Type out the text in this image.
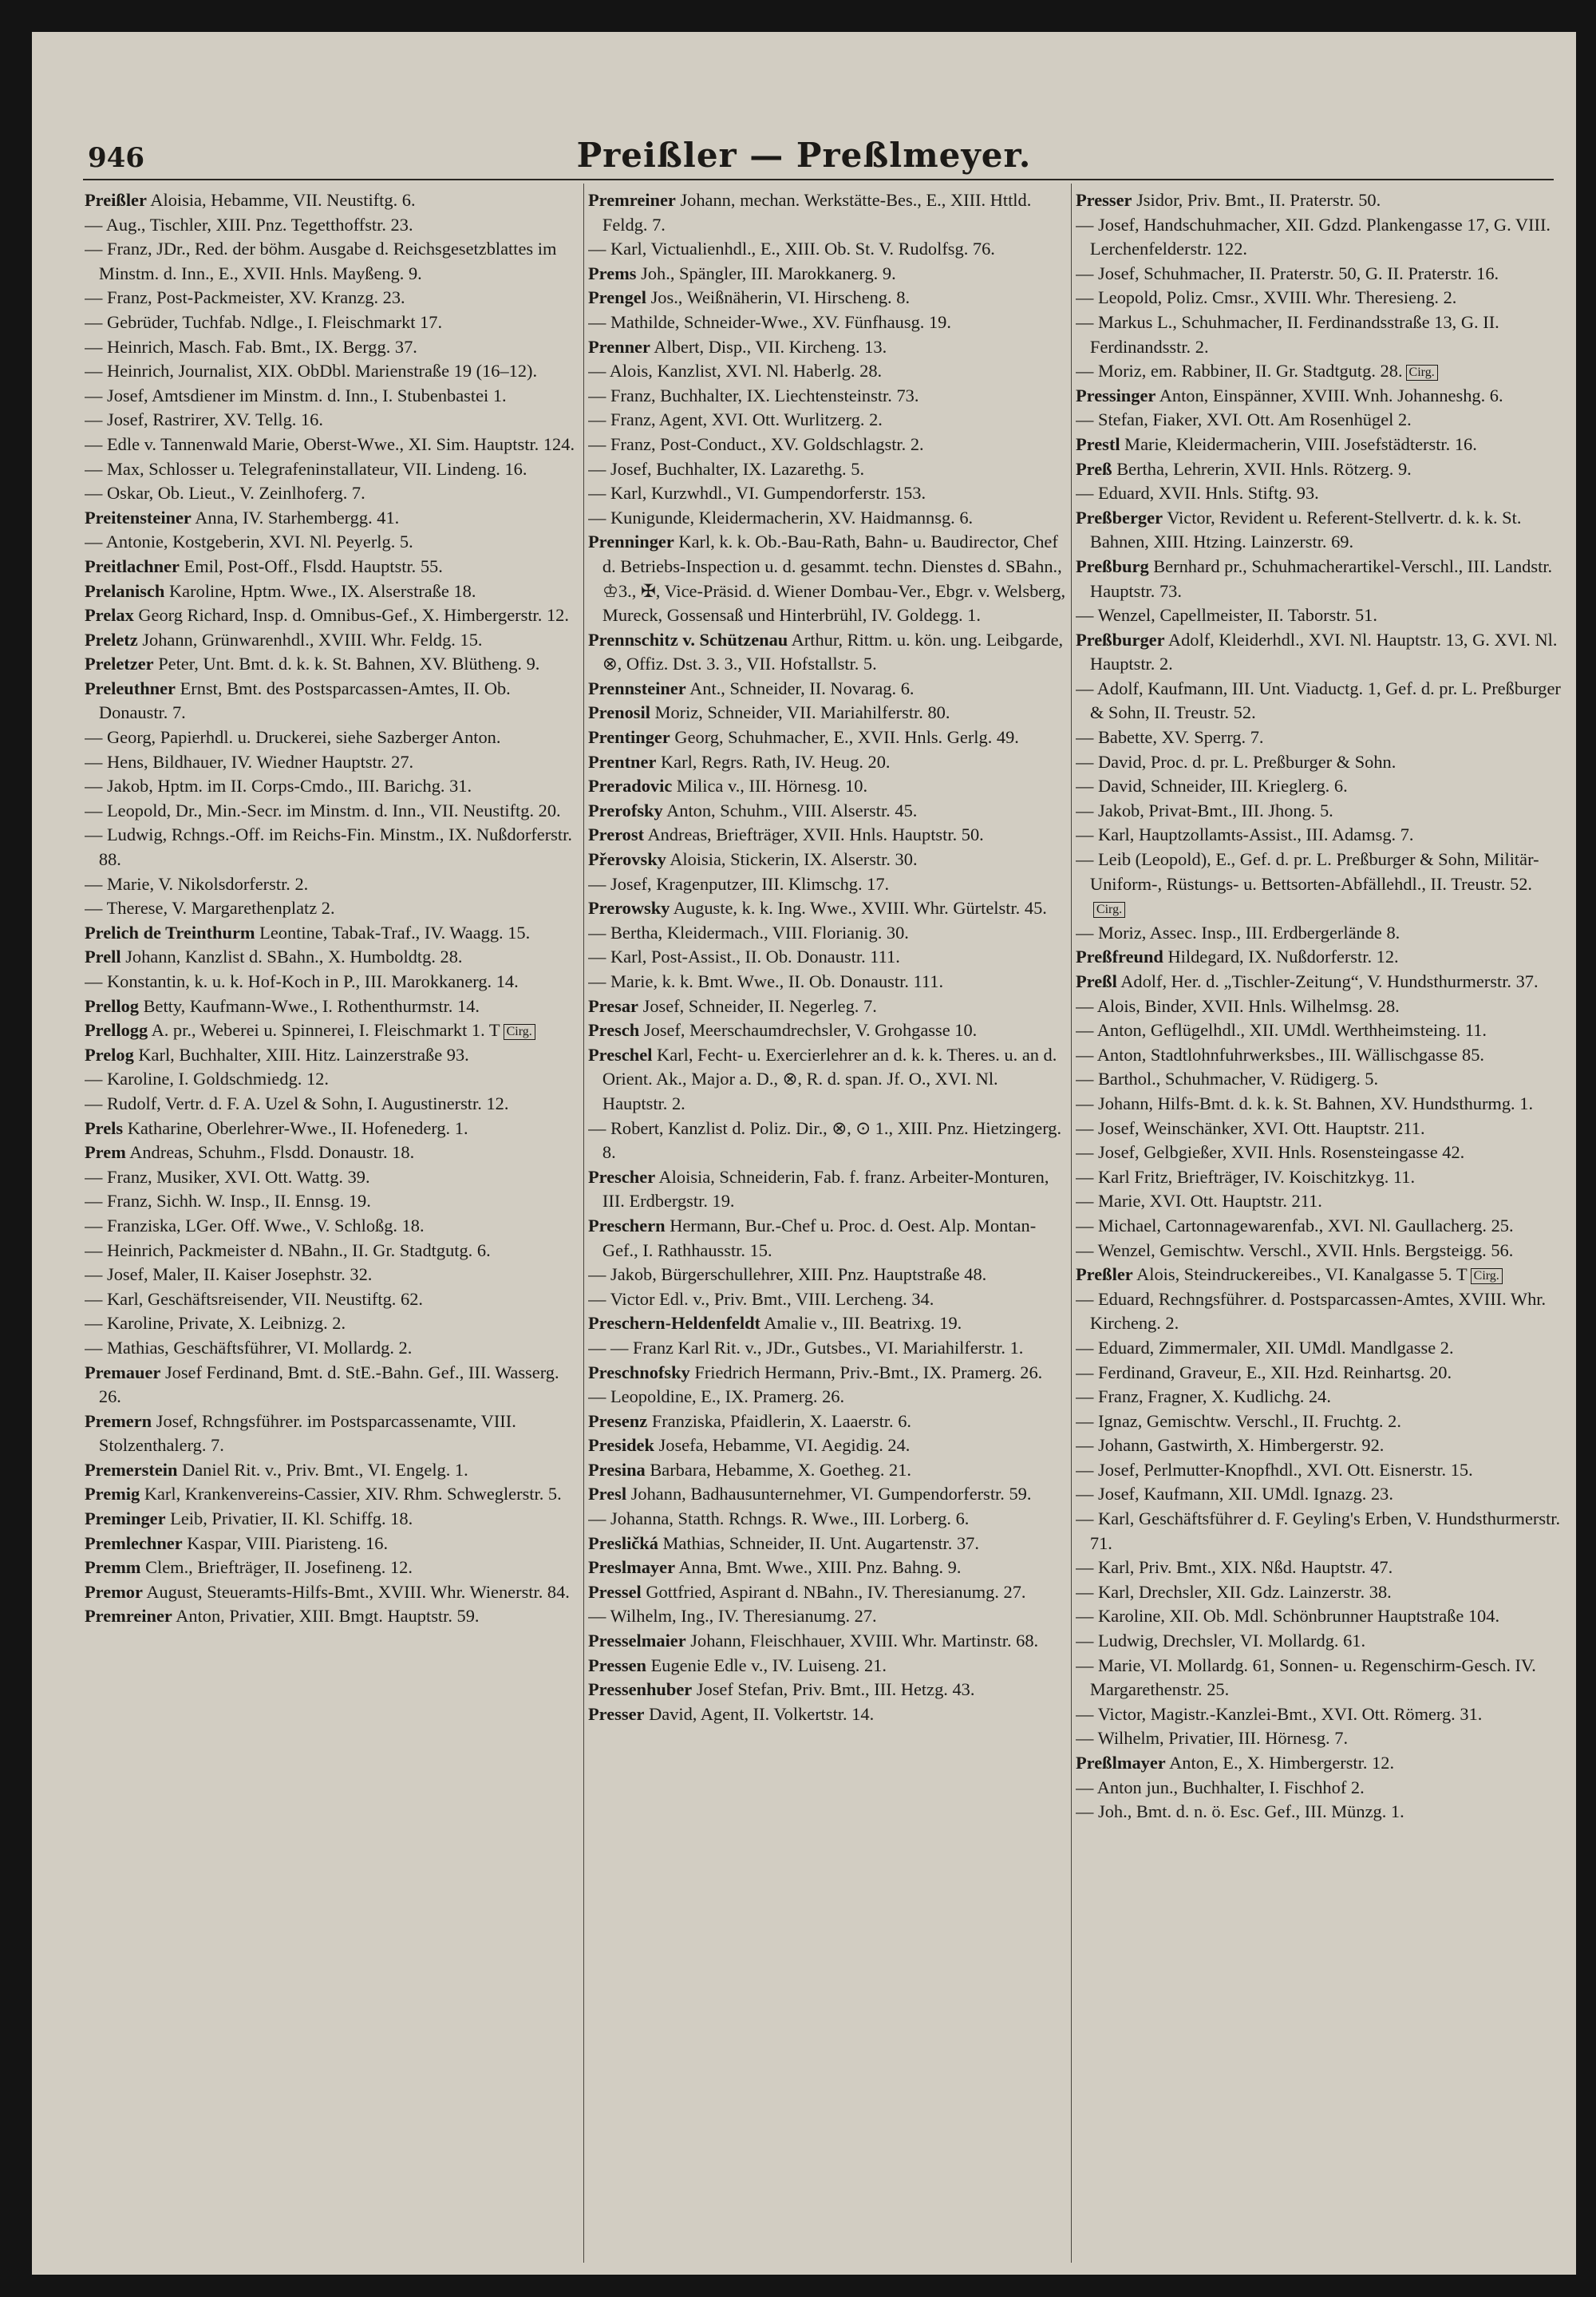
946	Preißler — Preßlmeyer.
Preißler Aloisia, Hebamme, VII. Neustiftg. 6.
— Aug., Tischler, XIII. Pnz. Tegetthoffstr. 23.
— Franz, JDr., Red. der böhm. Ausgabe d. Reichsgesetzblattes im Minstm. d. Inn., E., XVII. Hnls. Mayßeng. 9.
— Franz, Post-Packmeister, XV. Kranzg. 23.
— Gebrüder, Tuchfab. Ndlge., I. Fleischmarkt 17.
— Heinrich, Masch. Fab. Bmt., IX. Bergg. 37.
— Heinrich, Journalist, XIX. ObDbl. Marienstraße 19 (16–12).
— Josef, Amtsdiener im Minstm. d. Inn., I. Stubenbastei 1.
— Josef, Rastrirer, XV. Tellg. 16.
— Edle v. Tannenwald Marie, Oberst-Wwe., XI. Sim. Hauptstr. 124.
— Max, Schlosser u. Telegrafeninstallateur, VII. Lindeng. 16.
— Oskar, Ob. Lieut., V. Zeinlhoferg. 7.
Preitensteiner Anna, IV. Starhembergg. 41.
— Antonie, Kostgeberin, XVI. Nl. Peyerlg. 5.
Preitlachner Emil, Post-Off., Flsdd. Hauptstr. 55.
Prelanisch Karoline, Hptm. Wwe., IX. Alserstraße 18.
Prelax Georg Richard, Insp. d. Omnibus-Gef., X. Himbergerstr. 12.
Preletz Johann, Grünwarenhdl., XVIII. Whr. Feldg. 15.
Preletzer Peter, Unt. Bmt. d. k. k. St. Bahnen, XV. Blütheng. 9.
Preleuthner Ernst, Bmt. des Postsparcassen-Amtes, II. Ob. Donaustr. 7.
— Georg, Papierhdl. u. Druckerei, siehe Sazberger Anton.
— Hens, Bildhauer, IV. Wiedner Hauptstr. 27.
— Jakob, Hptm. im II. Corps-Cmdo., III. Barichg. 31.
— Leopold, Dr., Min.-Secr. im Minstm. d. Inn., VII. Neustiftg. 20.
— Ludwig, Rchngs.-Off. im Reichs-Fin. Minstm., IX. Nußdorferstr. 88.
— Marie, V. Nikolsdorferstr. 2.
— Therese, V. Margarethenplatz 2.
Prelich de Treinthurm Leontine, Tabak-Traf., IV. Waagg. 15.
Prell Johann, Kanzlist d. SBahn., X. Humboldtg. 28.
— Konstantin, k. u. k. Hof-Koch in P., III. Marokkanerg. 14.
Prellog Betty, Kaufmann-Wwe., I. Rothenthurmstr. 14.
Prellogg A. pr., Weberei u. Spinnerei, I. Fleischmarkt 1. T Cirg.
Prelog Karl, Buchhalter, XIII. Hitz. Lainzerstraße 93.
— Karoline, I. Goldschmiedg. 12.
— Rudolf, Vertr. d. F. A. Uzel & Sohn, I. Augustinerstr. 12.
Prels Katharine, Oberlehrer-Wwe., II. Hofenederg. 1.
Prem Andreas, Schuhm., Flsdd. Donaustr. 18.
— Franz, Musiker, XVI. Ott. Wattg. 39.
— Franz, Sichh. W. Insp., II. Ennsg. 19.
— Franziska, LGer. Off. Wwe., V. Schloßg. 18.
— Heinrich, Packmeister d. NBahn., II. Gr. Stadtgutg. 6.
— Josef, Maler, II. Kaiser Josephstr. 32.
— Karl, Geschäftsreisender, VII. Neustiftg. 62.
— Karoline, Private, X. Leibnizg. 2.
— Mathias, Geschäftsführer, VI. Mollardg. 2.
Premauer Josef Ferdinand, Bmt. d. StE.-Bahn. Gef., III. Wasserg. 26.
Premern Josef, Rchngsführer. im Postsparcassenamte, VIII. Stolzenthalerg. 7.
Premerstein Daniel Rit. v., Priv. Bmt., VI. Engelg. 1.
Premig Karl, Krankenvereins-Cassier, XIV. Rhm. Schweglerstr. 5.
Preminger Leib, Privatier, II. Kl. Schiffg. 18.
Premlechner Kaspar, VIII. Piaristeng. 16.
Premm Clem., Briefträger, II. Josefineng. 12.
Premor August, Steueramts-Hilfs-Bmt., XVIII. Whr. Wienerstr. 84.
Premreiner Anton, Privatier, XIII. Bmgt. Hauptstr. 59.
Premreiner Johann, mechan. Werkstätte-Bes., E., XIII. Httld. Feldg. 7.
— Karl, Victualienhdl., E., XIII. Ob. St. V. Rudolfsg. 76.
Prems Joh., Spängler, III. Marokkanerg. 9.
Prengel Jos., Weißnäherin, VI. Hirscheng. 8.
— Mathilde, Schneider-Wwe., XV. Fünfhausg. 19.
Prenner Albert, Disp., VII. Kircheng. 13.
— Alois, Kanzlist, XVI. Nl. Haberlg. 28.
— Franz, Buchhalter, IX. Liechtensteinstr. 73.
— Franz, Agent, XVI. Ott. Wurlitzerg. 2.
— Franz, Post-Conduct., XV. Goldschlagstr. 2.
— Josef, Buchhalter, IX. Lazarethg. 5.
— Karl, Kurzwhdl., VI. Gumpendorferstr. 153.
— Kunigunde, Kleidermacherin, XV. Haidmannsg. 6.
Prenninger Karl, k. k. Ob.-Bau-Rath, Bahn- u. Baudirector, Chef d. Betriebs-Inspection u. d. gesammt. techn. Dienstes d. SBahn., ♔3., ✠, Vice-Präsid. d. Wiener Dombau-Ver., Ebgr. v. Welsberg, Mureck, Gossensaß und Hinterbrühl, IV. Goldegg. 1.
Prennschitz v. Schützenau Arthur, Rittm. u. kön. ung. Leibgarde, ⊗, Offiz. Dst. 3. 3., VII. Hofstallstr. 5.
Prennsteiner Ant., Schneider, II. Novarag. 6.
Prenosil Moriz, Schneider, VII. Mariahilferstr. 80.
Prentinger Georg, Schuhmacher, E., XVII. Hnls. Gerlg. 49.
Prentner Karl, Regrs. Rath, IV. Heug. 20.
Preradovic Milica v., III. Hörnesg. 10.
Prerofsky Anton, Schuhm., VIII. Alserstr. 45.
Prerost Andreas, Briefträger, XVII. Hnls. Hauptstr. 50.
Přerovsky Aloisia, Stickerin, IX. Alserstr. 30.
— Josef, Kragenputzer, III. Klimschg. 17.
Prerowsky Auguste, k. k. Ing. Wwe., XVIII. Whr. Gürtelstr. 45.
— Bertha, Kleidermach., VIII. Florianig. 30.
— Karl, Post-Assist., II. Ob. Donaustr. 111.
— Marie, k. k. Bmt. Wwe., II. Ob. Donaustr. 111.
Presar Josef, Schneider, II. Negerleg. 7.
Presch Josef, Meerschaumdrechsler, V. Grohgasse 10.
Preschel Karl, Fecht- u. Exercierlehrer an d. k. k. Theres. u. an d. Orient. Ak., Major a. D., ⊗, R. d. span. Jf. O., XVI. Nl. Hauptstr. 2.
— Robert, Kanzlist d. Poliz. Dir., ⊗, ⊙ 1., XIII. Pnz. Hietzingerg. 8.
Prescher Aloisia, Schneiderin, Fab. f. franz. Arbeiter-Monturen, III. Erdbergstr. 19.
Preschern Hermann, Bur.-Chef u. Proc. d. Oest. Alp. Montan-Gef., I. Rathhausstr. 15.
— Jakob, Bürgerschullehrer, XIII. Pnz. Hauptstraße 48.
— Victor Edl. v., Priv. Bmt., VIII. Lercheng. 34.
Preschern-Heldenfeldt Amalie v., III. Beatrixg. 19.
— — Franz Karl Rit. v., JDr., Gutsbes., VI. Mariahilferstr. 1.
Preschnofsky Friedrich Hermann, Priv.-Bmt., IX. Pramerg. 26.
— Leopoldine, E., IX. Pramerg. 26.
Presenz Franziska, Pfaidlerin, X. Laaerstr. 6.
Presidek Josefa, Hebamme, VI. Aegidig. 24.
Presina Barbara, Hebamme, X. Goetheg. 21.
Presl Johann, Badhausunternehmer, VI. Gumpendorferstr. 59.
— Johanna, Statth. Rchngs. R. Wwe., III. Lorberg. 6.
Presličká Mathias, Schneider, II. Unt. Augartenstr. 37.
Preslmayer Anna, Bmt. Wwe., XIII. Pnz. Bahng. 9.
Pressel Gottfried, Aspirant d. NBahn., IV. Theresianumg. 27.
— Wilhelm, Ing., IV. Theresianumg. 27.
Presselmaier Johann, Fleischhauer, XVIII. Whr. Martinstr. 68.
Pressen Eugenie Edle v., IV. Luiseng. 21.
Pressenhuber Josef Stefan, Priv. Bmt., III. Hetzg. 43.
Presser David, Agent, II. Volkertstr. 14.
Presser Jsidor, Priv. Bmt., II. Praterstr. 50.
— Josef, Handschuhmacher, XII. Gdzd. Plankengasse 17, G. VIII. Lerchenfelderstr. 122.
— Josef, Schuhmacher, II. Praterstr. 50, G. II. Praterstr. 16.
— Leopold, Poliz. Cmsr., XVIII. Whr. Theresieng. 2.
— Markus L., Schuhmacher, II. Ferdinandsstraße 13, G. II. Ferdinandsstr. 2.
— Moriz, em. Rabbiner, II. Gr. Stadtgutg. 28. Cirg.
Pressinger Anton, Einspänner, XVIII. Wnh. Johanneshg. 6.
— Stefan, Fiaker, XVI. Ott. Am Rosenhügel 2.
Prestl Marie, Kleidermacherin, VIII. Josefstädterstr. 16.
Preß Bertha, Lehrerin, XVII. Hnls. Rötzerg. 9.
— Eduard, XVII. Hnls. Stiftg. 93.
Preßberger Victor, Revident u. Referent-Stellvertr. d. k. k. St. Bahnen, XIII. Htzing. Lainzerstr. 69.
Preßburg Bernhard pr., Schuhmacherartikel-Verschl., III. Landstr. Hauptstr. 73.
— Wenzel, Capellmeister, II. Taborstr. 51.
Preßburger Adolf, Kleiderhdl., XVI. Nl. Hauptstr. 13, G. XVI. Nl. Hauptstr. 2.
— Adolf, Kaufmann, III. Unt. Viaductg. 1, Gef. d. pr. L. Preßburger & Sohn, II. Treustr. 52.
— Babette, XV. Sperrg. 7.
— David, Proc. d. pr. L. Preßburger & Sohn.
— David, Schneider, III. Krieglerg. 6.
— Jakob, Privat-Bmt., III. Jhong. 5.
— Karl, Hauptzollamts-Assist., III. Adamsg. 7.
— Leib (Leopold), E., Gef. d. pr. L. Preßburger & Sohn, Militär-Uniform-, Rüstungs- u. Bettsorten-Abfällehdl., II. Treustr. 52.Cirg.
— Moriz, Assec. Insp., III. Erdbergerlände 8.
Preßfreund Hildegard, IX. Nußdorferstr. 12.
Preßl Adolf, Her. d. „Tischler-Zeitung“, V. Hundsthurmerstr. 37.
— Alois, Binder, XVII. Hnls. Wilhelmsg. 28.
— Anton, Geflügelhdl., XII. UMdl. Werthheimsteing. 11.
— Anton, Stadtlohnfuhrwerksbes., III. Wällischgasse 85.
— Barthol., Schuhmacher, V. Rüdigerg. 5.
— Johann, Hilfs-Bmt. d. k. k. St. Bahnen, XV. Hundsthurmg. 1.
— Josef, Weinschänker, XVI. Ott. Hauptstr. 211.
— Josef, Gelbgießer, XVII. Hnls. Rosensteingasse 42.
— Karl Fritz, Briefträger, IV. Koischitzkyg. 11.
— Marie, XVI. Ott. Hauptstr. 211.
— Michael, Cartonnagewarenfab., XVI. Nl. Gaullacherg. 25.
— Wenzel, Gemischtw. Verschl., XVII. Hnls. Bergsteigg. 56.
Preßler Alois, Steindruckereibes., VI. Kanalgasse 5. T Cirg.
— Eduard, Rechngsführer. d. Postsparcassen-Amtes, XVIII. Whr. Kircheng. 2.
— Eduard, Zimmermaler, XII. UMdl. Mandlgasse 2.
— Ferdinand, Graveur, E., XII. Hzd. Reinhartsg. 20.
— Franz, Fragner, X. Kudlichg. 24.
— Ignaz, Gemischtw. Verschl., II. Fruchtg. 2.
— Johann, Gastwirth, X. Himbergerstr. 92.
— Josef, Perlmutter-Knopfhdl., XVI. Ott. Eisnerstr. 15.
— Josef, Kaufmann, XII. UMdl. Ignazg. 23.
— Karl, Geschäftsführer d. F. Geyling's Erben, V. Hundsthurmerstr. 71.
— Karl, Priv. Bmt., XIX. Nßd. Hauptstr. 47.
— Karl, Drechsler, XII. Gdz. Lainzerstr. 38.
— Karoline, XII. Ob. Mdl. Schönbrunner Hauptstraße 104.
— Ludwig, Drechsler, VI. Mollardg. 61.
— Marie, VI. Mollardg. 61, Sonnen- u. Regenschirm-Gesch. IV. Margarethenstr. 25.
— Victor, Magistr.-Kanzlei-Bmt., XVI. Ott. Römerg. 31.
— Wilhelm, Privatier, III. Hörnesg. 7.
Preßlmayer Anton, E., X. Himbergerstr. 12.
— Anton jun., Buchhalter, I. Fischhof 2.
— Joh., Bmt. d. n. ö. Esc. Gef., III. Münzg. 1.
